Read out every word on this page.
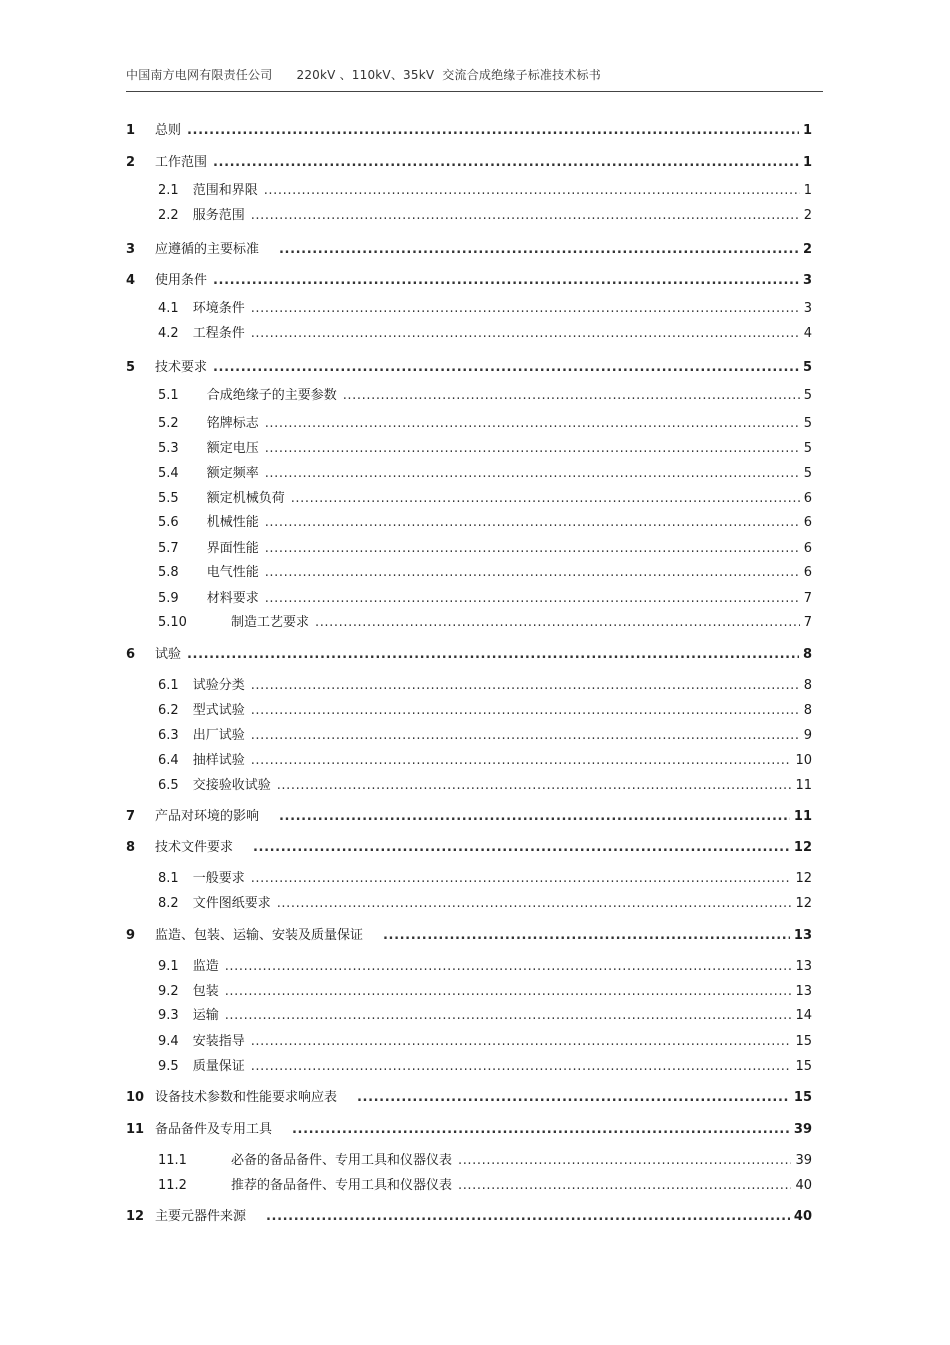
中国南方电网有限责任公司 220kV 、110kV、35kV  交流合成绝缘子标准技术标书
1	总则 .....	1
2	工作范围 .....	1
2.1 范围和界限 .....	1
2.2 服务范围 .....	2
3	应遵循的主要标准 .....	2
4	使用条件 .....	3
4.1 环境条件 .....	3
4.2 工程条件 .....	4
5	技术要求 .....	5
5.1 合成绝缘子的主要参数 .....	5
5.2 铭牌标志 .....	5
5.3 额定电压 .....	5
5.4 额定频率 .....	5
5.5 额定机械负荷 .....	6
5.6 机械性能 .....	6
5.7 界面性能 .....	6
5.8 电气性能 .....	6
5.9 材料要求 .....	7
5.10	制造工艺要求 .....	7
6	试验 .....	8
6.1 试验分类 .....	8
6.2 型式试验 .....	8
6.3 出厂试验 .....	9
6.4 抽样试验 .....	10
6.5 交接验收试验 .....	11
7	产品对环境的影响 .....	11
8	技术文件要求 .....	12
8.1 一般要求 .....	12
8.2 文件图纸要求 .....	12
9	监造、包装、运输、安装及质量保证 .....	13
9.1 监造 .....	13
9.2 包装 .....	13
9.3 运输 .....	14
9.4 安装指导 .....	15
9.5 质量保证 .....	15
10 设备技术参数和性能要求响应表 .....	15
11 备品备件及专用工具 .....	39
11.1	必备的备品备件、专用工具和仪器仪表 .....	39
11.2	推荐的备品备件、专用工具和仪器仪表 .....	40
12 主要元器件来源 .....	40
